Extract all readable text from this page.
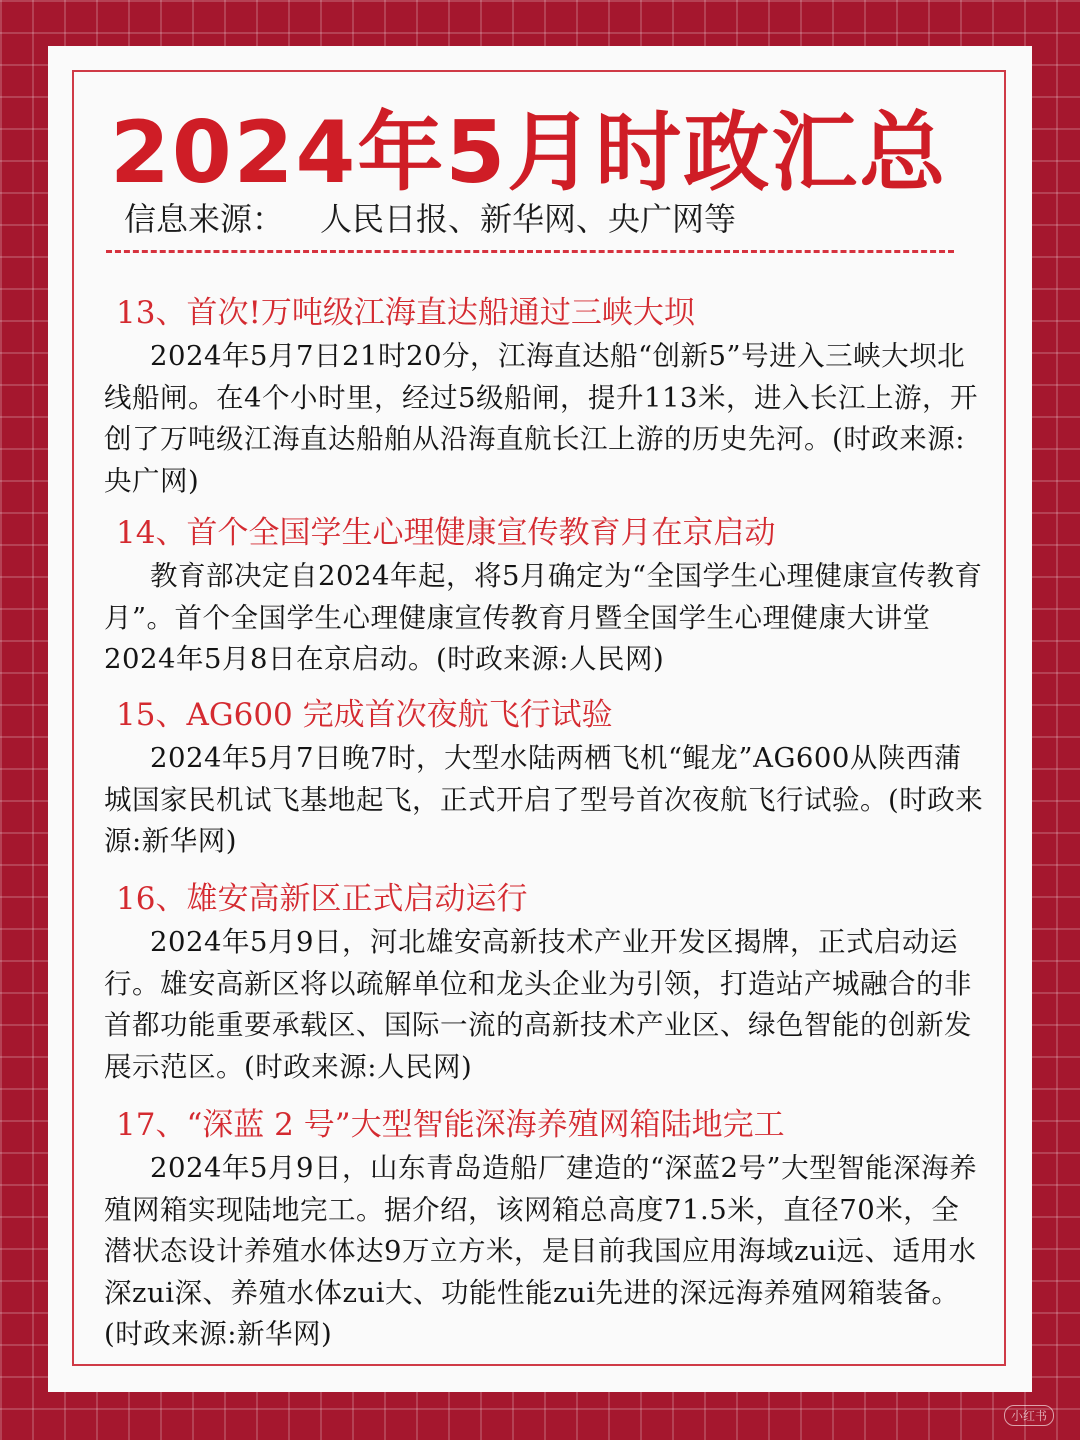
2024年5月时政汇总
信息来源： 人民日报、新华网、央广网等

13、首次!万吨级江海直达船通过三峡大坝

2024年5月7日21时20分，江海直达船“创新5”号进入三峡大坝北线船闸。在4个小时里，经过5级船闸，提升113米，进入长江上游，开创了万吨级江海直达船舶从沿海直航长江上游的历史先河。(时政来源:央广网)

14、首个全国学生心理健康宣传教育月在京启动

教育部决定自2024年起，将5月确定为“全国学生心理健康宣传教育月”。首个全国学生心理健康宣传教育月暨全国学生心理健康大讲堂2024年5月8日在京启动。(时政来源:人民网)

15、AG600 完成首次夜航飞行试验

2024年5月7日晚7时，大型水陆两栖飞机“鲲龙”AG600从陕西蒲城国家民机试飞基地起飞，正式开启了型号首次夜航飞行试验。(时政来源:新华网)

16、雄安高新区正式启动运行

2024年5月9日，河北雄安高新技术产业开发区揭牌，正式启动运行。雄安高新区将以疏解单位和龙头企业为引领，打造站产城融合的非首都功能重要承载区、国际一流的高新技术产业区、绿色智能的创新发展示范区。(时政来源:人民网)

17、“深蓝 2 号”大型智能深海养殖网箱陆地完工

2024年5月9日，山东青岛造船厂建造的“深蓝2号”大型智能深海养殖网箱实现陆地完工。据介绍，该网箱总高度71.5米，直径70米，全潜状态设计养殖水体达9万立方米，是目前我国应用海域zui远、适用水深zui深、养殖水体zui大、功能性能zui先进的深远海养殖网箱装备。(时政来源:新华网)

小红书
